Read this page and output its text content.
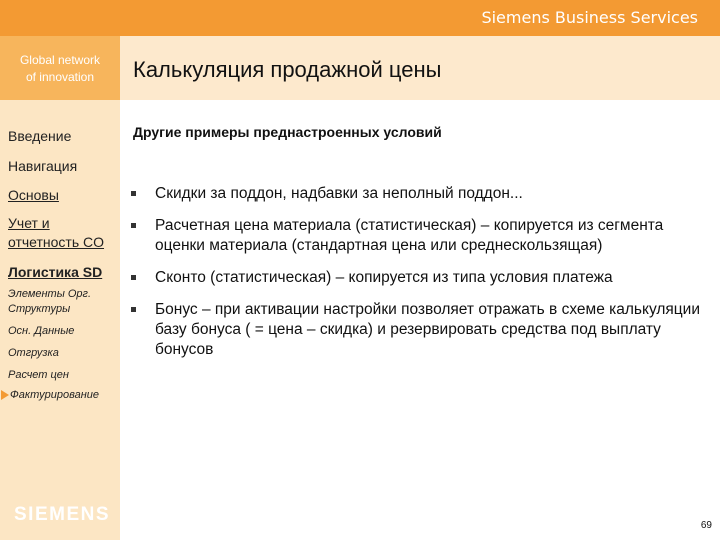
Siemens Business Services
Global network
of innovation	Калькуляция продажной цены
Введение
Навигация
Основы
Учет и
отчетность CO
Логистика SD
Элементы Орг.
Структуры
Осн. Данные
Отгрузка
Расчет цен
Фактурирование
SIEMENS
Другие примеры преднастроенных условий
Скидки за поддон, надбавки за неполный поддон...
Расчетная цена материала (статистическая) – копируется из сегмента оценки материала (стандартная цена или среднескользящая)
Сконто (статистическая) – копируется из типа условия платежа
Бонус – при активации настройки позволяет отражать в схеме калькуляции базу бонуса ( = цена – скидка) и резервировать средства под выплату бонусов
69
